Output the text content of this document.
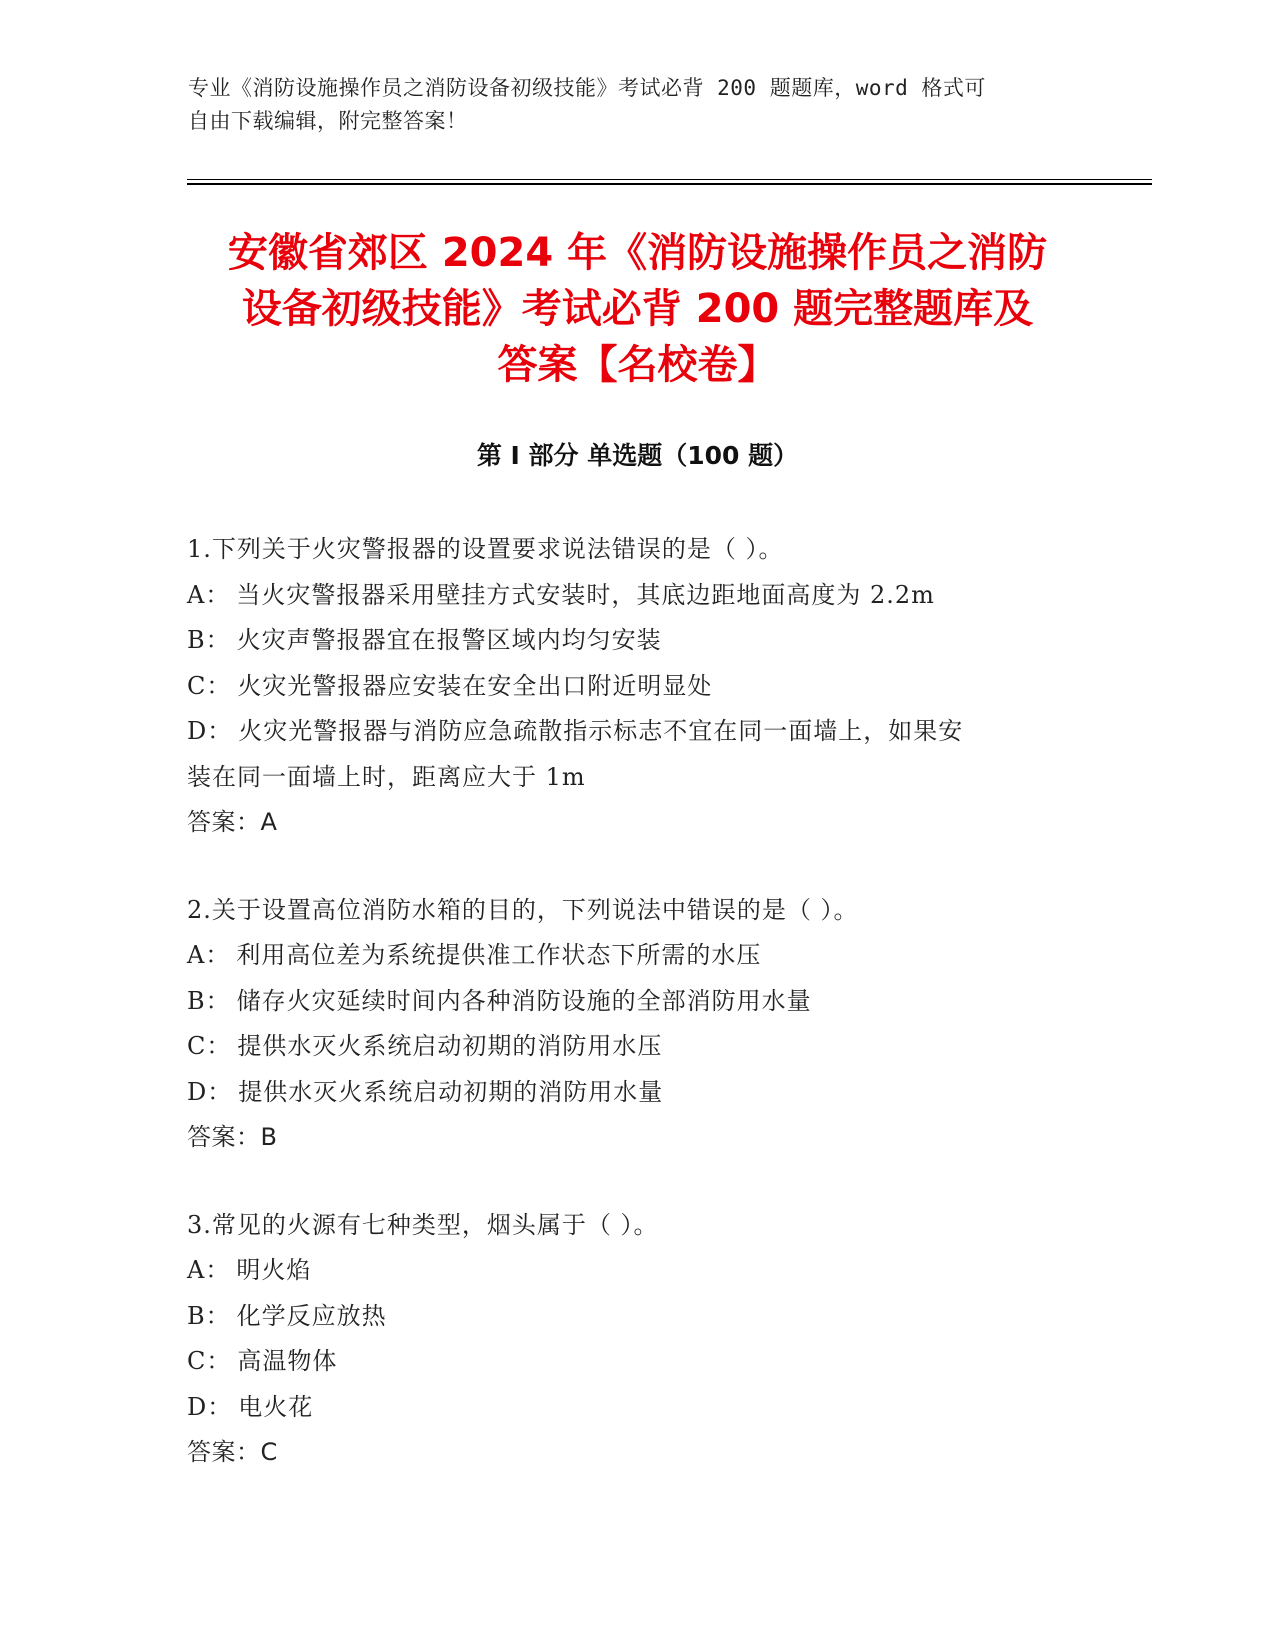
专业《消防设施操作员之消防设备初级技能》考试必背 200 题题库，word 格式可
自由下载编辑，附完整答案！
安徽省郊区 2024 年《消防设施操作员之消防
设备初级技能》考试必背 200 题完整题库及
答案【名校卷】
第 I 部分 单选题（100 题）

1.下列关于火灾警报器的设置要求说法错误的是（ ）。

A： 当火灾警报器采用壁挂方式安装时，其底边距地面高度为 2.2m

B： 火灾声警报器宜在报警区域内均匀安装

C： 火灾光警报器应安装在安全出口附近明显处

D： 火灾光警报器与消防应急疏散指示标志不宜在同一面墙上，如果安

装在同一面墙上时，距离应大于 1m

答案：A

2.关于设置高位消防水箱的目的，下列说法中错误的是（ ）。

A： 利用高位差为系统提供准工作状态下所需的水压

B： 储存火灾延续时间内各种消防设施的全部消防用水量

C： 提供水灭火系统启动初期的消防用水压

D： 提供水灭火系统启动初期的消防用水量

答案：B

3.常见的火源有七种类型，烟头属于（ ）。

A： 明火焰

B： 化学反应放热

C： 高温物体

D： 电火花

答案：C
